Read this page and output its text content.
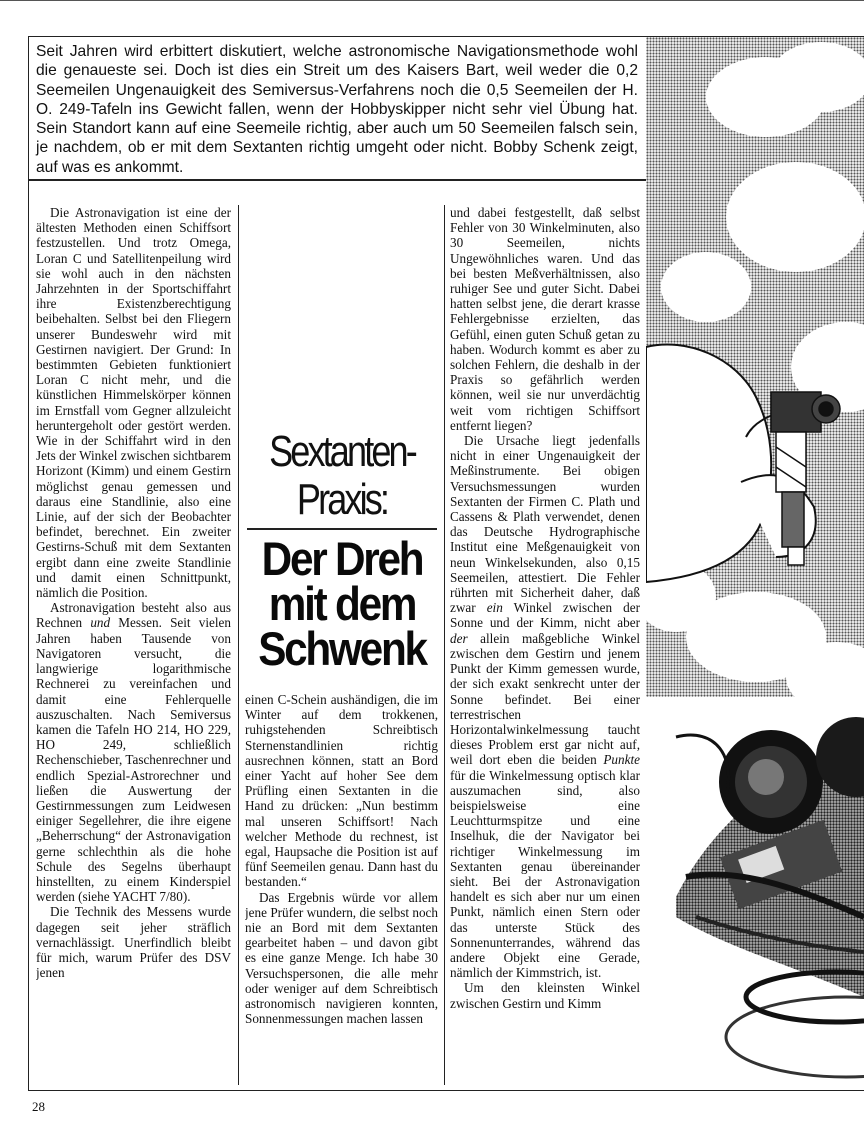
Seit Jahren wird erbittert diskutiert, welche astronomische Navigationsmethode wohl die genaueste sei. Doch ist dies ein Streit um des Kaisers Bart, weil weder die 0,2 Seemeilen Ungenauigkeit des Semiversus-Verfahrens noch die 0,5 Seemeilen der H. O. 249-Tafeln ins Gewicht fallen, wenn der Hobbyskipper nicht sehr viel Übung hat. Sein Standort kann auf eine Seemeile richtig, aber auch um 50 Seemeilen falsch sein, je nachdem, ob er mit dem Sextanten richtig umgeht oder nicht. Bobby Schenk zeigt, auf was es ankommt.

Die Astronavigation ist eine der ältesten Methoden einen Schiffsort festzustellen. Und trotz Omega, Loran C und Satellitenpeilung wird sie wohl auch in den nächsten Jahrzehnten in der Sportschiffahrt ihre Existenzberechtigung beibehalten. Selbst bei den Fliegern unserer Bundeswehr wird mit Gestirnen navigiert. Der Grund: In bestimmten Gebieten funktioniert Loran C nicht mehr, und die künstlichen Himmelskörper können im Ernstfall vom Gegner allzuleicht heruntergeholt oder gestört werden. Wie in der Schiffahrt wird in den Jets der Winkel zwischen sichtbarem Horizont (Kimm) und einem Gestirn möglichst genau gemessen und daraus eine Standlinie, also eine Linie, auf der sich der Beobachter befindet, berechnet. Ein zweiter Gestirns-Schuß mit dem Sextanten ergibt dann eine zweite Standlinie und damit einen Schnittpunkt, nämlich die Position.

Astronavigation besteht also aus Rechnen und Messen. Seit vielen Jahren haben Tausende von Navigatoren versucht, die langwierige logarithmische Rechnerei zu vereinfachen und damit eine Fehlerquelle auszuschalten. Nach Semiversus kamen die Tafeln HO 214, HO 229, HO 249, schließlich Rechenschieber, Taschenrechner und endlich Spezial-Astrorechner und ließen die Auswertung der Gestirnmessungen zum Leidwesen einiger Segellehrer, die ihre eigene „Beherrschung“ der Astronavigation gerne schlechthin als die hohe Schule des Segelns überhaupt hinstellten, zu einem Kinderspiel werden (siehe YACHT 7/80).

Die Technik des Messens wurde dagegen seit jeher sträflich vernachlässigt. Unerfindlich bleibt für mich, warum Prüfer des DSV jenen

Sextanten-
Praxis:
Der Dreh
mit dem
Schwenk

einen C-Schein aushändigen, die im Winter auf dem trokkenen, ruhigstehenden Schreibtisch Sternenstandlinien richtig ausrechnen können, statt an Bord einer Yacht auf hoher See dem Prüfling einen Sextanten in die Hand zu drücken: „Nun bestimm mal unseren Schiffsort! Nach welcher Methode du rechnest, ist egal, Haupsache die Position ist auf fünf Seemeilen genau. Dann hast du bestanden.“

Das Ergebnis würde vor allem jene Prüfer wundern, die selbst noch nie an Bord mit dem Sextanten gearbeitet haben – und davon gibt es eine ganze Menge. Ich habe 30 Versuchspersonen, die alle mehr oder weniger auf dem Schreibtisch astronomisch navigieren konnten, Sonnenmessungen machen lassen

und dabei festgestellt, daß selbst Fehler von 30 Winkelminuten, also 30 Seemeilen, nichts Ungewöhnliches waren. Und das bei besten Meßverhältnissen, also ruhiger See und guter Sicht. Dabei hatten selbst jene, die derart krasse Fehlergebnisse erzielten, das Gefühl, einen guten Schuß getan zu haben. Wodurch kommt es aber zu solchen Fehlern, die deshalb in der Praxis so gefährlich werden können, weil sie nur unverdächtig weit vom richtigen Schiffsort entfernt liegen?

Die Ursache liegt jedenfalls nicht in einer Ungenauigkeit der Meßinstrumente. Bei obigen Versuchsmessungen wurden Sextanten der Firmen C. Plath und Cassens & Plath verwendet, denen das Deutsche Hydrographische Institut eine Meßgenauigkeit von neun Winkelsekunden, also 0,15 Seemeilen, attestiert. Die Fehler rührten mit Sicherheit daher, daß zwar ein Winkel zwischen der Sonne und der Kimm, nicht aber der allein maßgebliche Winkel zwischen dem Gestirn und jenem Punkt der Kimm gemessen wurde, der sich exakt senkrecht unter der Sonne befindet. Bei einer terrestrischen Horizontalwinkelmessung taucht dieses Problem erst gar nicht auf, weil dort eben die beiden Punkte für die Winkelmessung optisch klar auszumachen sind, also beispielsweise eine Leuchtturmspitze und eine Inselhuk, die der Navigator bei richtiger Winkelmessung im Sextanten genau übereinander sieht. Bei der Astronavigation handelt es sich aber nur um einen Punkt, nämlich einen Stern oder das unterste Stück des Sonnenunterrandes, während das andere Objekt eine Gerade, nämlich der Kimmstrich, ist.

Um den kleinsten Winkel zwischen Gestirn und Kimm

28
